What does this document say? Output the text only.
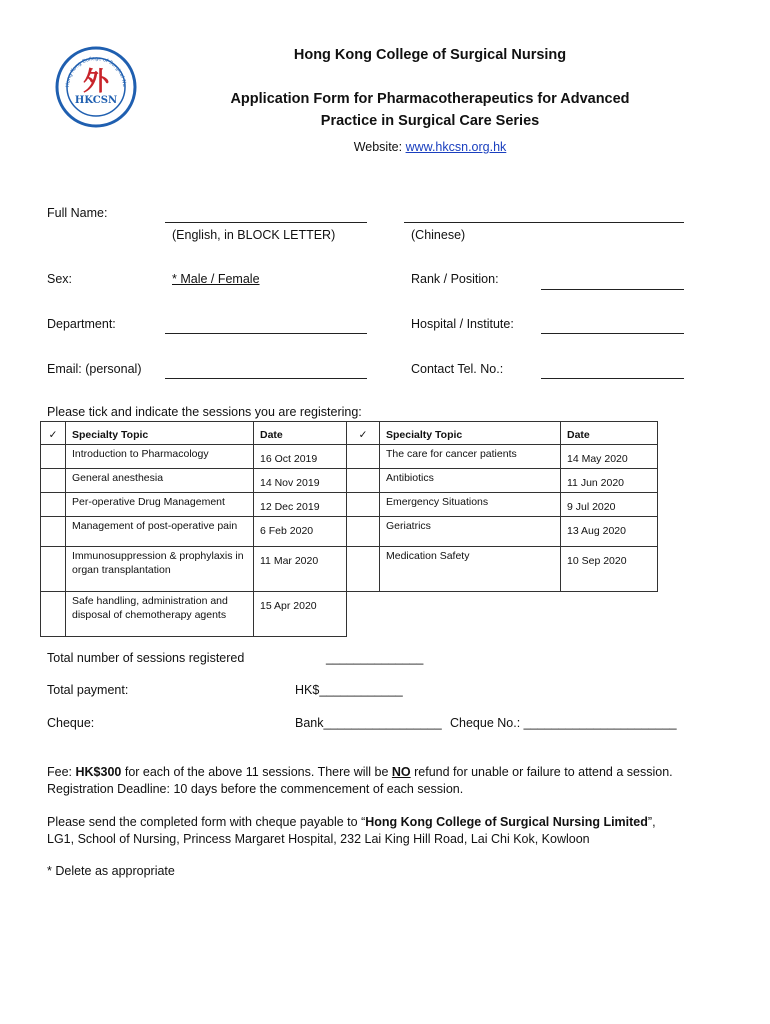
Hong Kong College of Surgical Nu
外
HKCSN
Hong Kong College of Surgical Nursing
Application Form for Pharmacotherapeutics for Advanced
Practice in Surgical Care Series
Website: www.hkcsn.org.hk
Full Name:
(English, in BLOCK LETTER)	(Chinese)
Sex:	* Male / Female	Rank / Position:
Department:	Hospital / Institute:
Email: (personal)	Contact Tel. No.:
Please tick and indicate the sessions you are registering:
✓	Specialty Topic	Date	✓	Specialty Topic	Date
	Introduction to Pharmacology	16 Oct 2019		The care for cancer patients	14 May 2020
	General anesthesia	14 Nov 2019		Antibiotics	11 Jun 2020
	Per-operative Drug Management	12 Dec 2019		Emergency Situations	9 Jul 2020
	Management of post-operative pain	6 Feb 2020		Geriatrics	13 Aug 2020
	Immunosuppression & prophylaxis in organ transplantation	11 Mar 2020		Medication Safety	10 Sep 2020
	Safe handling, administration and disposal of chemotherapy agents	15 Apr 2020			
Total number of sessions registered	______________
Total payment:	HK$____________
Cheque:	Bank_________________ Cheque No.: ______________________
Fee: HK$300 for each of the above 11 sessions. There will be NO refund for unable or failure to attend a session.
Registration Deadline: 10 days before the commencement of each session.
Please send the completed form with cheque payable to “Hong Kong College of Surgical Nursing Limited”,
LG1, School of Nursing, Princess Margaret Hospital, 232 Lai King Hill Road, Lai Chi Kok, Kowloon
* Delete as appropriate
